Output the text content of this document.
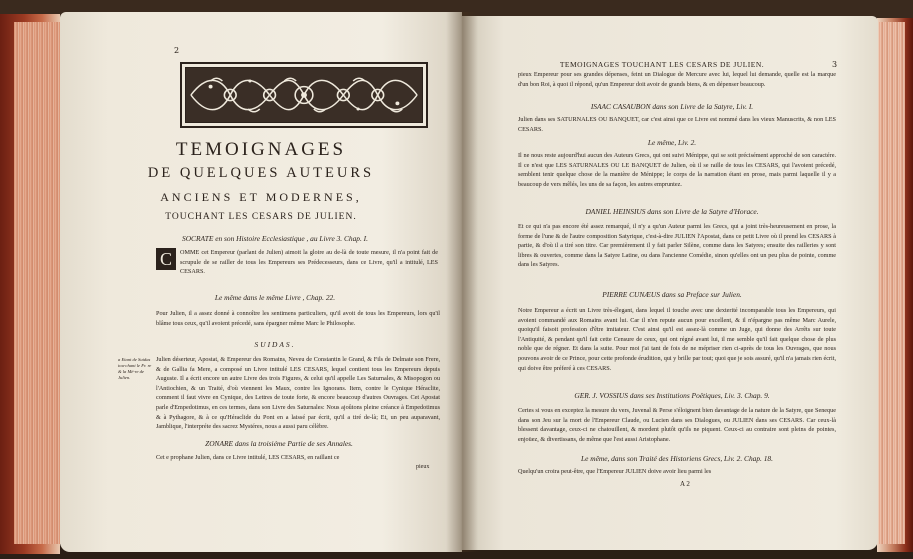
2
TEMOIGNAGES
DE QUELQUES AUTEURS
ANCIENS ET MODERNES,
TOUCHANT LES CESARS DE JULIEN.
SOCRATE en son Histoire Ecclesiastique , au Livre 3. Chap. I.
C	OMME cet Empereur (parlant de Julien) aimoit la gloire au de-là de toute mesure, il n'a point fait de scrupule de se railler de tous les Empereurs ses Prédecesseurs, dans ce Livre, qu'il a intitulé, LES CESARS.
Le même dans le même Livre , Chap. 22.
Pour Julien, il a assez donné à connoître les sentimens particuliers, qu'il avoit de tous les Empereurs, lors qu'il blâme tous ceux, qu'il avoient précedé, sans épargner même Marc le Philosophe.
SUIDAS.
a Etant de Suidas tou-chant le Fr. re & la Mé-re de Julien.
Julien déserteur, Apostat, & Empereur des Romains, Neveu de Constantin le Grand, & Fils de Delmate son Frere, & de Gallia fa Mere, a composé un Livre intitulé LES CESARS, lequel contient tous les Empereurs depuis Auguste. Il a écrit encore un autre Livre des trois Figures, & celui qu'il appelle Les Saturnales, & Misopogon ou l'Antiochien, & un Traité, d'où viennent les Maux, contre les Ignorans. Item, contre le Cynique Héraclite, comment il faut vivre en Cynique, des Lettres de toute forte, & encore beaucoup d'autres Ouvrages. Cet Apostat parle d'Empedotimus, en ces termes, dans son Livre des Saturnales: Nous ajoûtons pleine créance à Empedotimus & à Pythagore, & à ce qu'Héraclide du Pont en a laissé par écrit, qu'il a tiré de-là; Et, un peu auparavant, Jamblique, l'interpréte des sacrez Mystéres, nous a aussi paru célèbre.
ZONARE dans la troisiéme Partie de ses Annales.
Cet e prophane Julien, dans ce Livre intitulé, LES CESARS, en raillant ce
pieux
TEMOIGNAGES TOUCHANT LES CESARS DE JULIEN.	3
pieux Empereur pour ses grandes dépenses, feint un Dialogue de Mercure avec lui, lequel lui demande, quelle est la marque d'un bon Roi, à quoi il répond, qu'un Empereur doit avoir de grands biens, & en dépenser beaucoup.
ISAAC CASAUBON dans son Livre de la Satyre, Liv. I.
Julien dans ses SATURNALES OU BANQUET, car c'est ainsi que ce Livre est nommé dans les vieux Manuscrits, & non LES CESARS.
Le même, Liv. 2.
Il ne nous reste aujourd'hui aucun des Auteurs Grecs, qui ont suivi Ménippe, qui se soit précisément approché de son caractére. Il ce n'est que LES SATURNALES OU LE BANQUET de Julien, où il se raille de tous les CESARS, qui l'avoient précedé, semblent tenir quelque chose de la manière de Ménippe; le corps de la narration étant en prose, mais parmi laquelle il y a beaucoup de vers mêlés, les uns de sa façon, les autres empruntez.
DANIEL HEINSIUS dans son Livre de la Satyre d'Horace.
Et ce qui n'a pas encore été assez remarqué, il n'y a qu'un Auteur parmi les Grecs, qui a joint très-heureusement en prose, la forme de l'une & de l'autre composition Satyrique, c'est-à-dire JULIEN l'Apostat, dans ce petit Livre où il prend les CESARS à partie, & d'où il a tiré son titre. Car premièrement il y fait parler Silène, comme dans les Satyres; ensuite des railleries y sont libres & ouvertes, comme dans la Satyre Latine, ou dans l'ancienne Comédie, sinon qu'elles ont un peu plus de pointe, comme dans les Satyres.
PIERRE CUNÆUS dans sa Preface sur Julien.
Notre Empereur a écrit un Livre très-élegant, dans lequel il touche avec une dexterité incomparable tous les Empereurs, qui avoient commandé aux Romains avant lui. Car il n'en repute aucun pour excellent, & il n'épargne pas même Marc Aurele, quoiqu'il faisoit profession d'être imitateur. C'est ainsi qu'il est assez-là comme un Juge, qui donne des Arrêts sur toute l'Antiquité, & pendant qu'il fait cette Censure de ceux, qui ont régné avant lui, il me semble qu'il fait quelque chose de plus noble que de régner. Et dans la suite. Pour moi j'ai tant de fois de ne mépriser rien ci-après de tous les Ouvrages, que nous pouvons avoir de ce Prince, pour cette profonde érudition, qui y brille par tout; quoi que je sois assuré, qu'il n'a jamais rien écrit, qui doive être préferé à ces CESARS.
GER. J. VOSSIUS dans ses Institutions Poëtiques, Liv. 3. Chap. 9.
Certes si vous en exceptez la mesure du vers, Juvenal & Perse s'éloignent bien davantage de la nature de la Satyre, que Seneque dans son Jeu sur la mort de l'Empereur Claude, ou Lucien dans ses Dialogues, ou JULIEN dans ses CESARS. Car ceux-là blessent davantage, ceux-ci ne chatouillent, & mordent plutôt qu'ils ne piquent. Ceux-ci au contraire sont pleins de pointes, enjoüez, & divertissans, de même que l'est aussi Aristophane.
Le même, dans son Traité des Historiens Grecs, Liv. 2. Chap. 18.
Quelqu'un croira peut-être, que l'Empereur JULIEN doive avoir lieu parmi les
A 2
